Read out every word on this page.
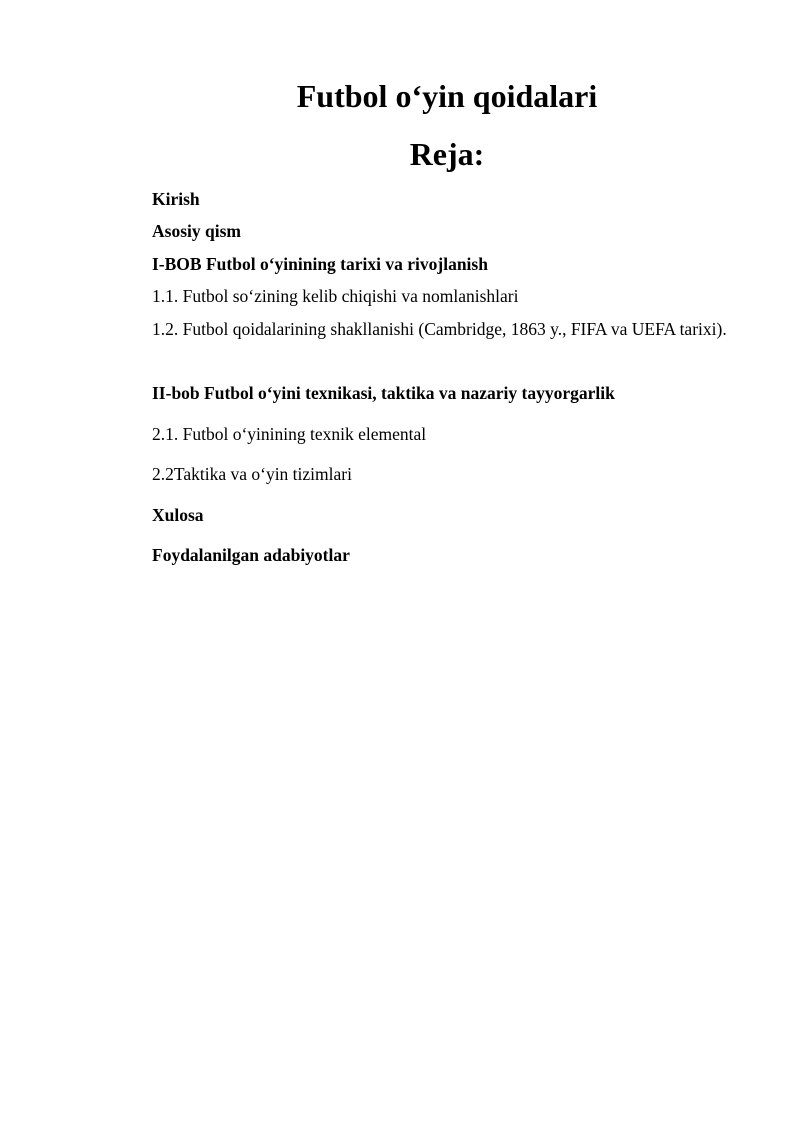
Futbol o‘yin qoidalari
Reja:
Kirish
Asosiy qism
I-BOB Futbol o‘yinining tarixi va rivojlanish
1.1. Futbol so‘zining kelib chiqishi va nomlanishlari
1.2. Futbol qoidalarining shakllanishi (Cambridge, 1863 y., FIFA va UEFA tarixi).
II-bob Futbol o‘yini texnikasi, taktika va nazariy tayyorgarlik
2.1. Futbol o‘yinining texnik elemental
2.2Taktika va o‘yin tizimlari
Xulosa
Foydalanilgan adabiyotlar
